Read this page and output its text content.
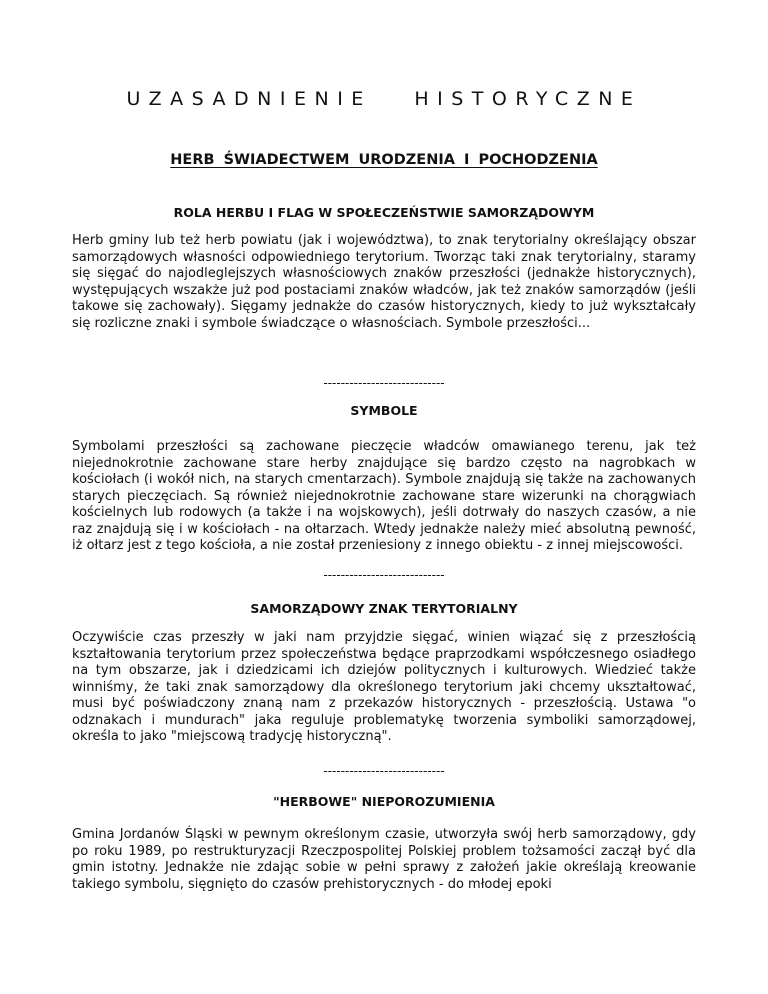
UZASADNIENIE HISTORYCZNE
HERB ŚWIADECTWEM URODZENIA I POCHODZENIA
ROLA HERBU I FLAG W SPOŁECZEŃSTWIE SAMORZĄDOWYM

Herb gminy lub też herb powiatu (jak i województwa), to znak terytorialny określający obszar samorządowych własności odpowiedniego terytorium. Tworząc taki znak terytorialny, staramy się sięgać do najodleglejszych własnościowych znaków przeszłości (jednakże historycznych), występujących wszakże już pod postaciami znaków władców, jak też znaków samorządów (jeśli takowe się zachowały). Sięgamy jednakże do czasów historycznych, kiedy to już wykształcały się rozliczne znaki i symbole świadczące o własnościach. Symbole przeszłości...

----------------------------
SYMBOLE

Symbolami przeszłości są zachowane pieczęcie władców omawianego terenu, jak też niejednokrotnie zachowane stare herby znajdujące się bardzo często na nagrobkach w kościołach (i wokół nich, na starych cmentarzach). Symbole znajdują się także na zachowanych starych pieczęciach. Są również niejednokrotnie zachowane stare wizerunki na chorągwiach kościelnych lub rodowych (a także i na wojskowych), jeśli dotrwały do naszych czasów, a nie raz znajdują się i w kościołach - na ołtarzach. Wtedy jednakże należy mieć absolutną pewność, iż ołtarz jest z tego kościoła, a nie został przeniesiony z innego obiektu - z innej miejscowości.

----------------------------
SAMORZĄDOWY ZNAK TERYTORIALNY

Oczywiście czas przeszły w jaki nam przyjdzie sięgać, winien wiązać się z przeszłością kształtowania terytorium przez społeczeństwa będące praprzodkami współczesnego osiadłego na tym obszarze, jak i dziedzicami ich dziejów politycznych i kulturowych. Wiedzieć także winniśmy, że taki znak samorządowy dla określonego terytorium jaki chcemy ukształtować, musi być poświadczony znaną nam z przekazów historycznych - przeszłością. Ustawa "o odznakach i mundurach" jaka reguluje problematykę tworzenia symboliki samorządowej, określa to jako "miejscową tradycję historyczną".

----------------------------
"HERBOWE" NIEPOROZUMIENIA

Gmina Jordanów Śląski w pewnym określonym czasie, utworzyła swój herb samorządowy, gdy po roku 1989, po restrukturyzacji Rzeczpospolitej Polskiej problem tożsamości zaczął być dla gmin istotny. Jednakże nie zdając sobie w pełni sprawy z założeń jakie określają kreowanie takiego symbolu, sięgnięto do czasów prehistorycznych - do młodej epoki
